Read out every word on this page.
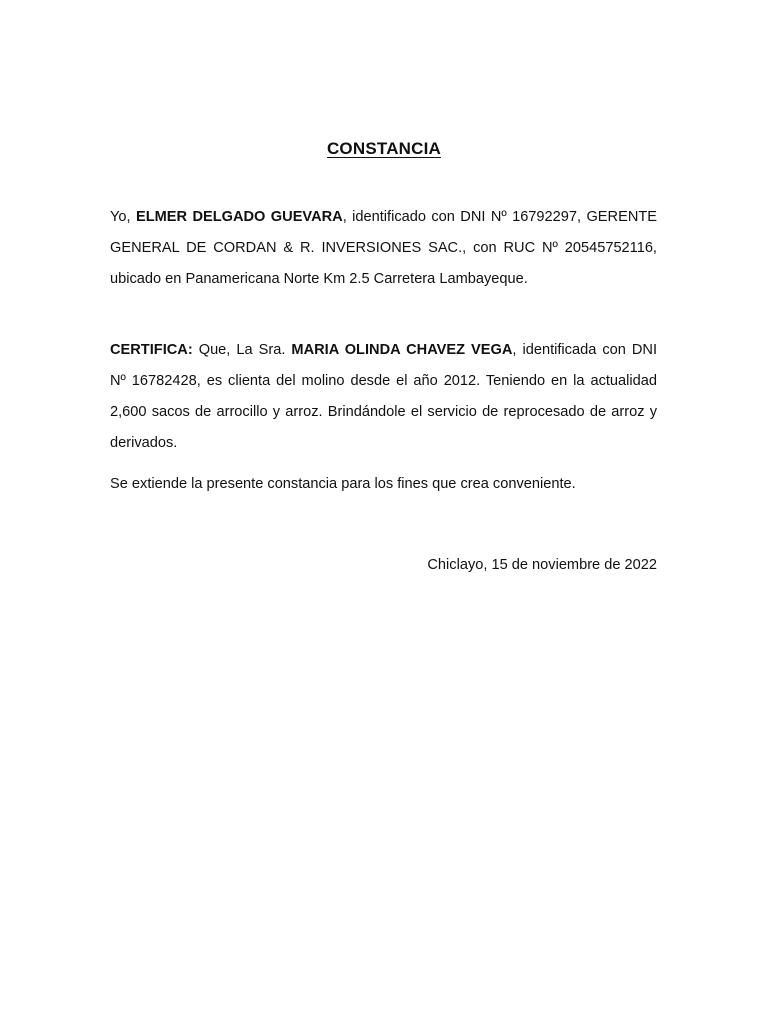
CONSTANCIA

Yo, ELMER DELGADO GUEVARA, identificado con DNI Nº 16792297, GERENTE GENERAL DE CORDAN & R. INVERSIONES SAC., con RUC Nº 20545752116, ubicado en Panamericana Norte Km 2.5 Carretera Lambayeque.

CERTIFICA: Que, La Sra. MARIA OLINDA CHAVEZ VEGA, identificada con DNI Nº 16782428, es clienta del molino desde el año 2012. Teniendo en la actualidad 2,600 sacos de arrocillo y arroz. Brindándole el servicio de reprocesado de arroz y derivados.

Se extiende la presente constancia para los fines que crea conveniente.

Chiclayo, 15 de noviembre de 2022
